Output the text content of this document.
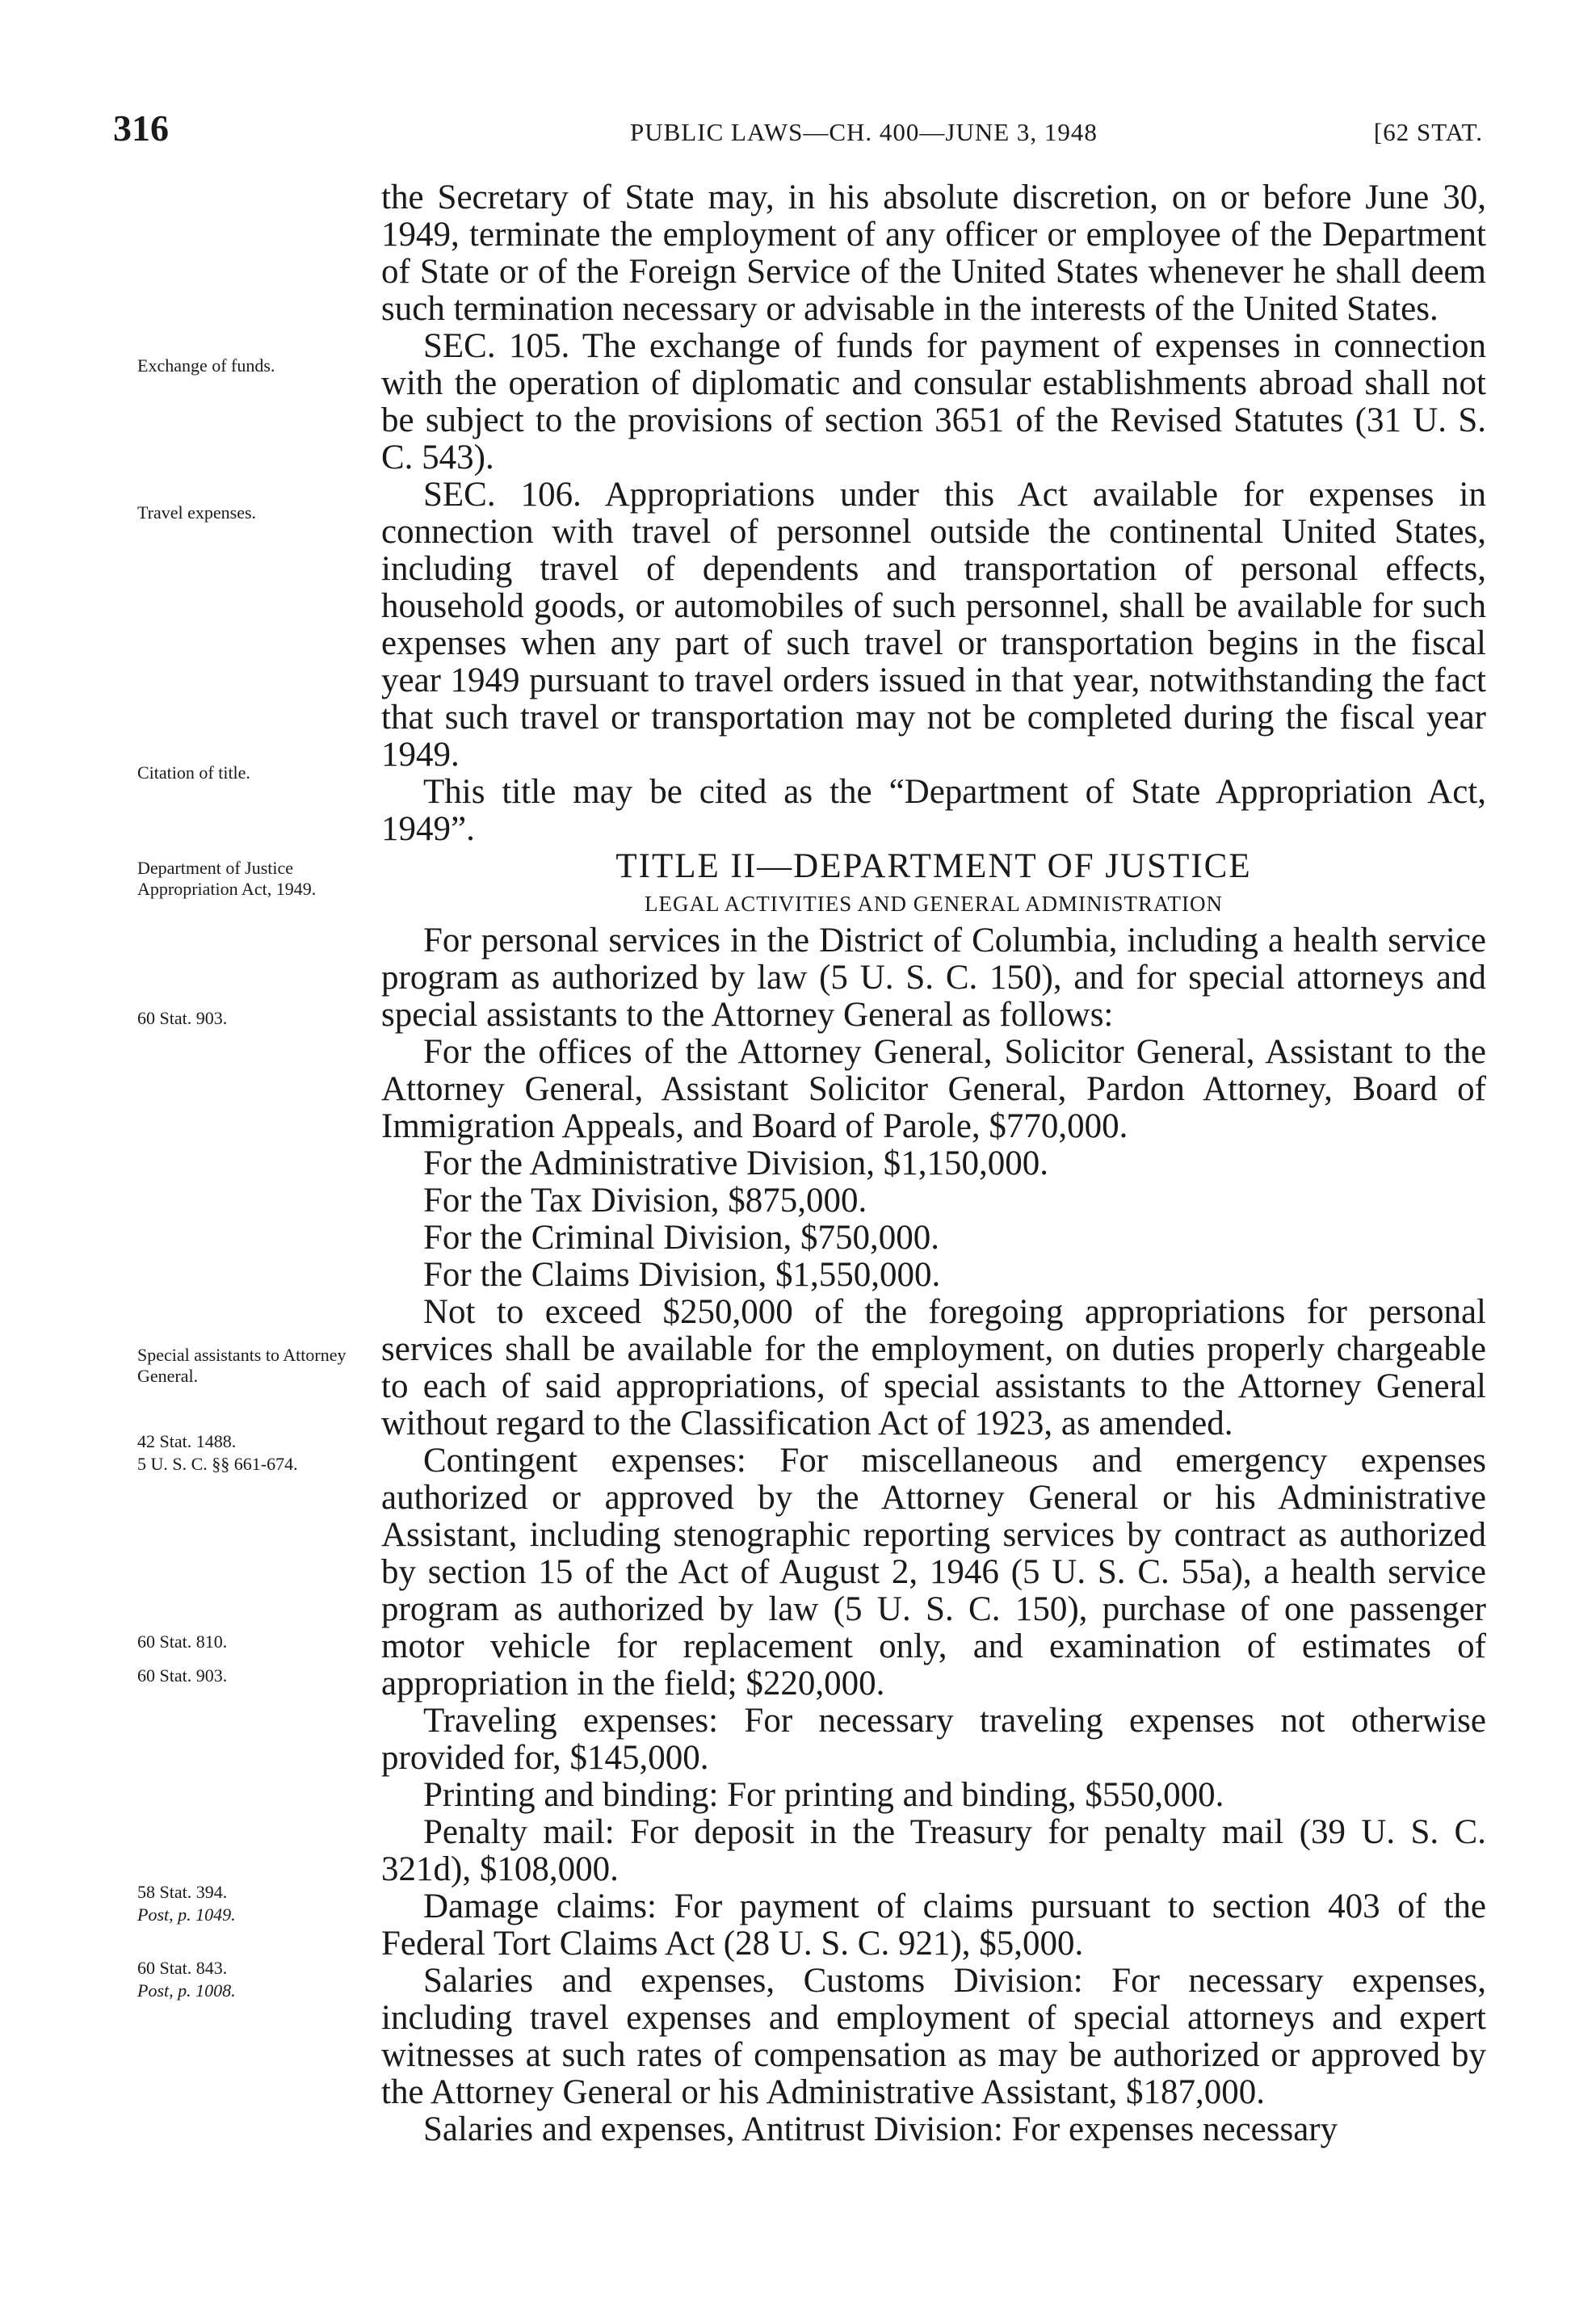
316	PUBLIC LAWS—CH. 400—JUNE 3, 1948	[62 STAT.

the Secretary of State may, in his absolute discretion, on or before June 30, 1949, terminate the employment of any officer or employee of the Department of State or of the Foreign Service of the United States whenever he shall deem such termination necessary or advisable in the interests of the United States.

SEC. 105. The exchange of funds for payment of expenses in connection with the operation of diplomatic and consular establishments abroad shall not be subject to the provisions of section 3651 of the Revised Statutes (31 U. S. C. 543).

SEC. 106. Appropriations under this Act available for expenses in connection with travel of personnel outside the continental United States, including travel of dependents and transportation of personal effects, household goods, or automobiles of such personnel, shall be available for such expenses when any part of such travel or transportation begins in the fiscal year 1949 pursuant to travel orders issued in that year, notwithstanding the fact that such travel or transportation may not be completed during the fiscal year 1949.

This title may be cited as the “Department of State Appropriation Act, 1949”.

TITLE II—DEPARTMENT OF JUSTICE

LEGAL ACTIVITIES AND GENERAL ADMINISTRATION

For personal services in the District of Columbia, including a health service program as authorized by law (5 U. S. C. 150), and for special attorneys and special assistants to the Attorney General as follows:

For the offices of the Attorney General, Solicitor General, Assistant to the Attorney General, Assistant Solicitor General, Pardon Attorney, Board of Immigration Appeals, and Board of Parole, $770,000.

For the Administrative Division, $1,150,000.

For the Tax Division, $875,000.

For the Criminal Division, $750,000.

For the Claims Division, $1,550,000.

Not to exceed $250,000 of the foregoing appropriations for personal services shall be available for the employment, on duties properly chargeable to each of said appropriations, of special assistants to the Attorney General without regard to the Classification Act of 1923, as amended.

Contingent expenses: For miscellaneous and emergency expenses authorized or approved by the Attorney General or his Administrative Assistant, including stenographic reporting services by contract as authorized by section 15 of the Act of August 2, 1946 (5 U. S. C. 55a), a health service program as authorized by law (5 U. S. C. 150), purchase of one passenger motor vehicle for replacement only, and examination of estimates of appropriation in the field; $220,000.

Traveling expenses: For necessary traveling expenses not otherwise provided for, $145,000.

Printing and binding: For printing and binding, $550,000.

Penalty mail: For deposit in the Treasury for penalty mail (39 U. S. C. 321d), $108,000.

Damage claims: For payment of claims pursuant to section 403 of the Federal Tort Claims Act (28 U. S. C. 921), $5,000.

Salaries and expenses, Customs Division: For necessary expenses, including travel expenses and employment of special attorneys and expert witnesses at such rates of compensation as may be authorized or approved by the Attorney General or his Administrative Assistant, $187,000.

Salaries and expenses, Antitrust Division: For expenses necessary

Exchange of funds.
Travel expenses.
Citation of title.
Department of Justice Appropriation Act, 1949.
60 Stat. 903.
Special assistants to Attorney General.
42 Stat. 1488.
5 U. S. C. §§ 661-674.
60 Stat. 810.
60 Stat. 903.
58 Stat. 394.
Post, p. 1049.
60 Stat. 843.
Post, p. 1008.
